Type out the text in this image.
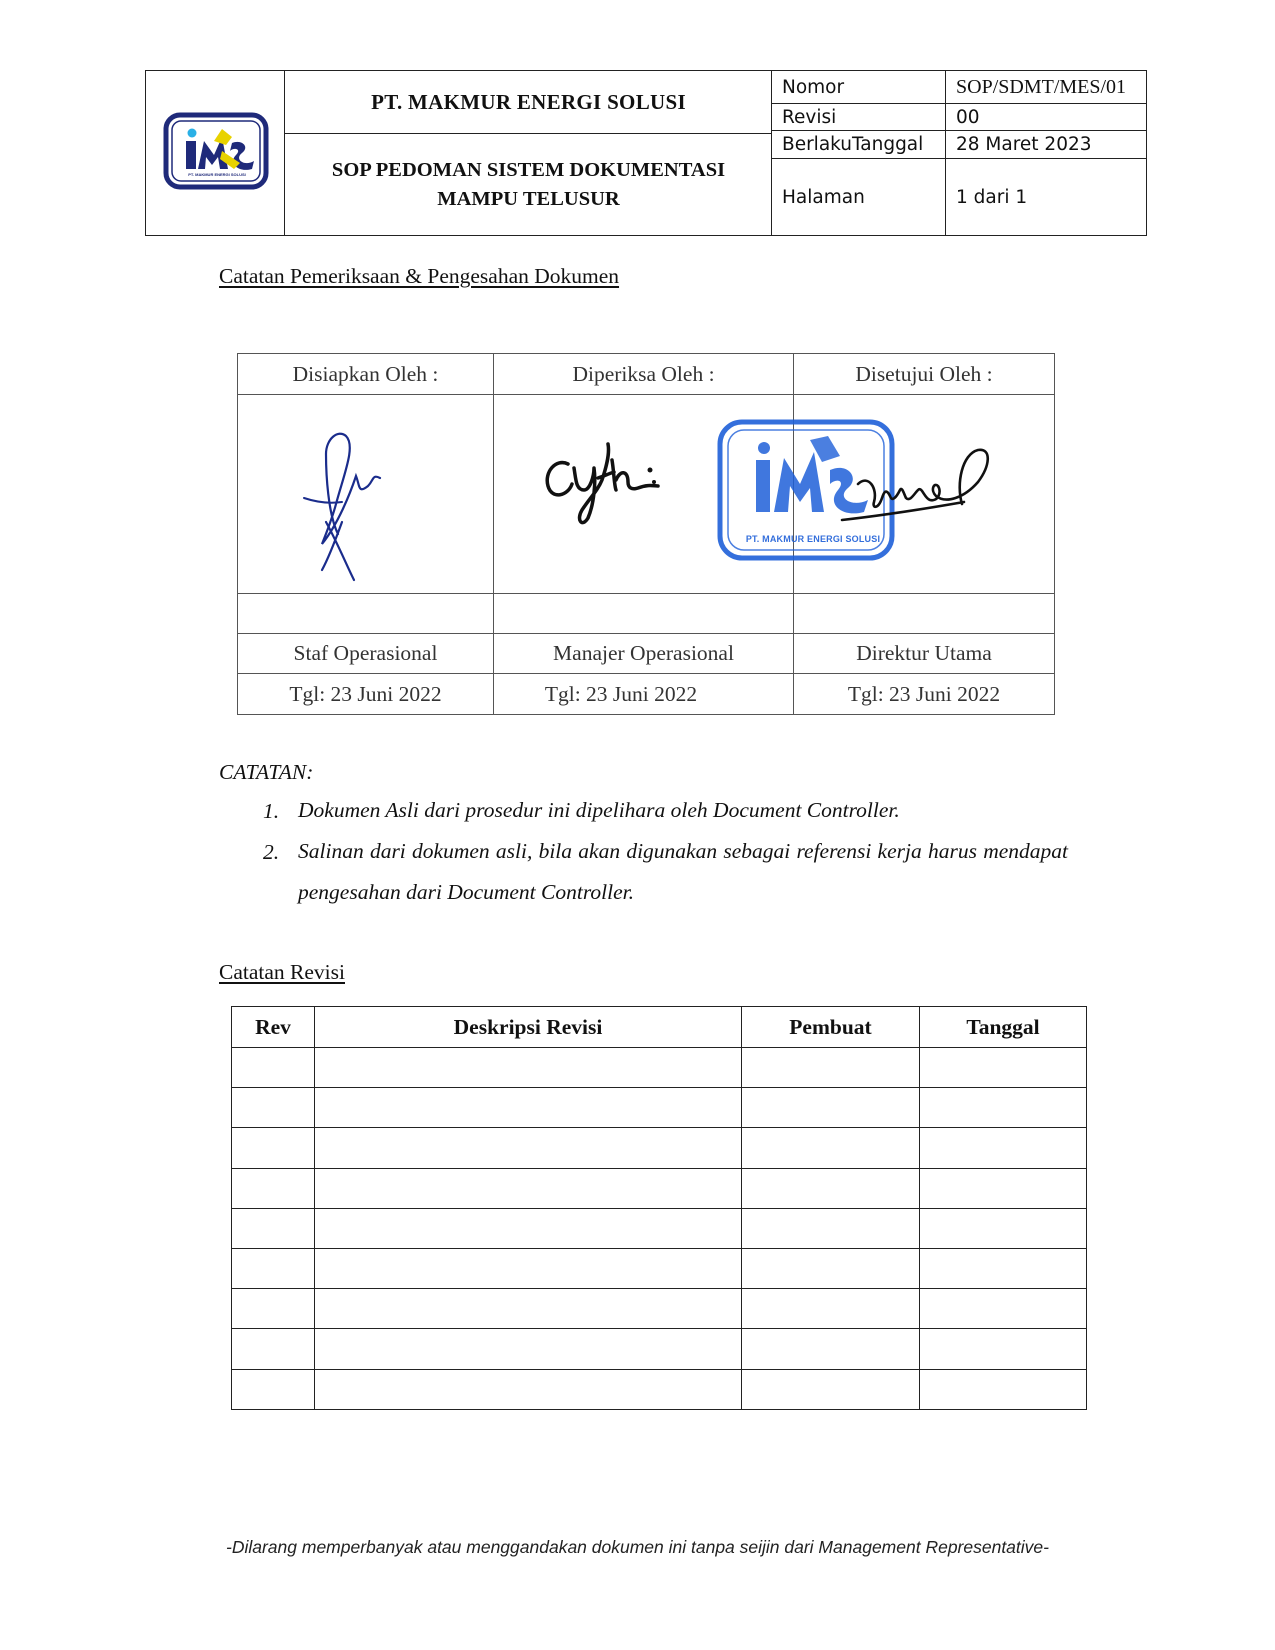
PT. MAKMUR ENERGI SOLUSI
PT. MAKMUR ENERGI SOLUSI
SOP PEDOMAN SISTEM DOKUMENTASI MAMPU TELUSUR
Nomor	SOP/SDMT/MES/01
Revisi	00
BerlakuTanggal	28 Maret 2023
Halaman	1 dari 1
Catatan Pemeriksaan & Pengesahan Dokumen
Disiapkan Oleh :	Diperiksa Oleh :	Disetujui Oleh :
PT. MAKMUR ENERGI SOLUSI
Staf Operasional	Manajer Operasional	Direktur Utama
Tgl: 23 Juni 2022	Tgl: 23 Juni 2022	Tgl: 23 Juni 2022
CATATAN:
1. Dokumen Asli dari prosedur ini dipelihara oleh Document Controller.
2. Salinan dari dokumen asli, bila akan digunakan sebagai referensi kerja harus mendapat pengesahan dari Document Controller.
Catatan Revisi
Rev	Deskripsi Revisi	Pembuat	Tanggal

-Dilarang memperbanyak atau menggandakan dokumen ini tanpa seijin dari Management Representative-
